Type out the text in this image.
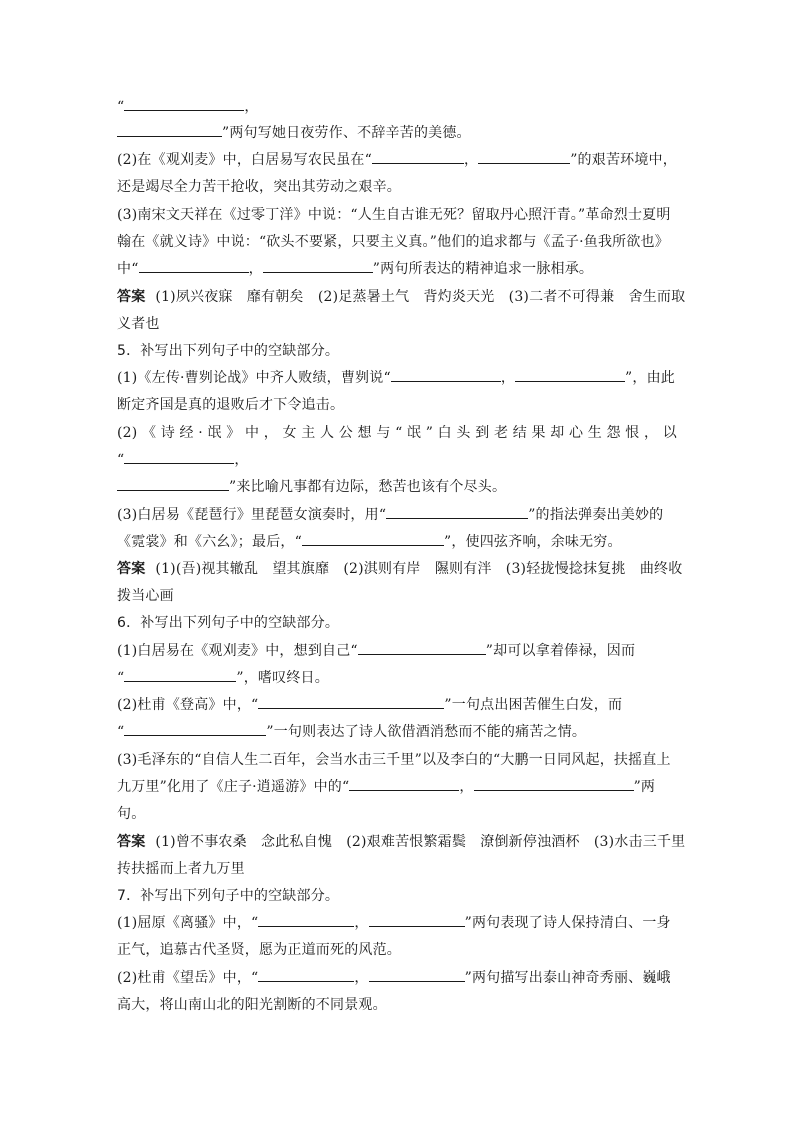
“	，
”两句写她日夜劳作、不辞辛苦的美德。
(2)在《观刈麦》中，白居易写农民虽在“	，	”的艰苦环境中，
还是竭尽全力苦干抢收，突出其劳动之艰辛。
(3)南宋文天祥在《过零丁洋》中说：“人生自古谁无死？留取丹心照汗青。”革命烈士夏明
翰在《就义诗》中说：“砍头不要紧，只要主义真。”他们的追求都与《孟子·鱼我所欲也》
中“	，	”两句所表达的精神追求一脉相承。
答案 (1)夙兴夜寐　靡有朝矣　(2)足蒸暑土气　背灼炎天光　(3)二者不可得兼　舍生而取
义者也
5．补写出下列句子中的空缺部分。
(1)《左传·曹刿论战》中齐人败绩，曹刿说“	，	”，由此
断定齐国是真的退败后才下令追击。
(2)《诗经·氓》中，女主人公想与“氓”白头到老结果却心生怨恨，以
“	，
”来比喻凡事都有边际，愁苦也该有个尽头。
(3)白居易《琵琶行》里琵琶女演奏时，用“	”的指法弹奏出美妙的
《霓裳》和《六幺》；最后，“	”，使四弦齐响，余味无穷。
答案 (1)(吾)视其辙乱　望其旗靡　(2)淇则有岸　隰则有泮　(3)轻拢慢捻抹复挑　曲终收
拨当心画
6．补写出下列句子中的空缺部分。
(1)白居易在《观刈麦》中，想到自己“	”却可以拿着俸禄，因而
“	”，嗜叹终日。
(2)杜甫《登高》中，“	”一句点出困苦催生白发，而
“	”一句则表达了诗人欲借酒消愁而不能的痛苦之情。
(3)毛泽东的“自信人生二百年，会当水击三千里”以及李白的“大鹏一日同风起，扶摇直上
九万里”化用了《庄子·逍遥游》中的“	，	”两
句。
答案 (1)曾不事农桑　念此私自愧　(2)艰难苦恨繁霜鬓　潦倒新停浊酒杯　(3)水击三千里
抟扶摇而上者九万里
7．补写出下列句子中的空缺部分。
(1)屈原《离骚》中，“	，	”两句表现了诗人保持清白、一身
正气，追慕古代圣贤，愿为正道而死的风范。
(2)杜甫《望岳》中，“	，	”两句描写出泰山神奇秀丽、巍峨
高大，将山南山北的阳光割断的不同景观。
